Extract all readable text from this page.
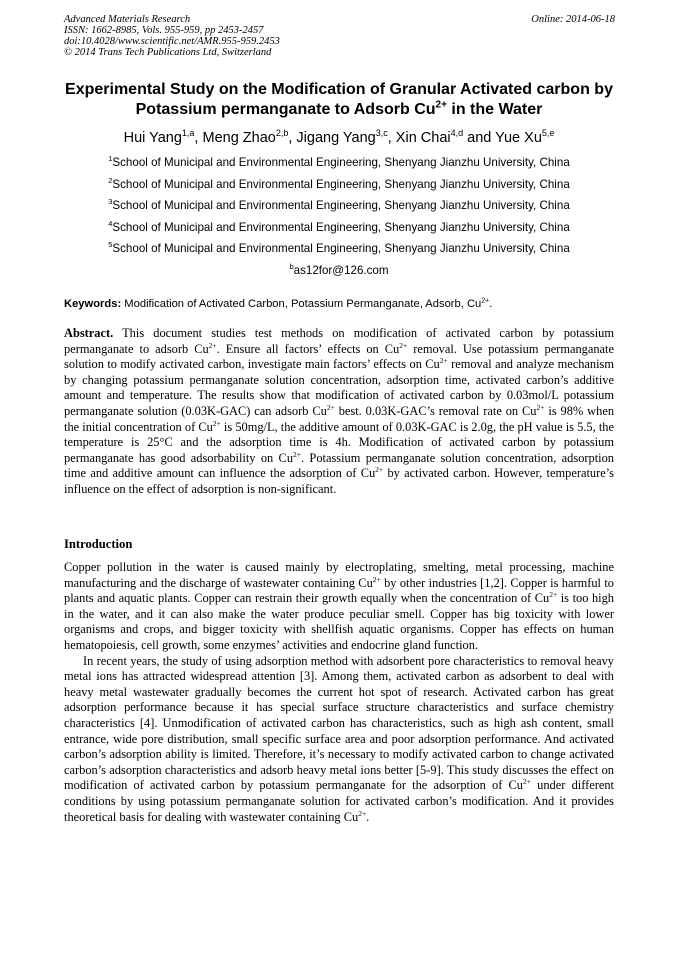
Advanced Materials Research
ISSN: 1662-8985, Vols. 955-959, pp 2453-2457
doi:10.4028/www.scientific.net/AMR.955-959.2453
© 2014 Trans Tech Publications Ltd, Switzerland
Online: 2014-06-18
Experimental Study on the Modification of Granular Activated carbon by
Potassium permanganate to Adsorb $Cu^{2+}$ in the Water
Hui Yang$^{1,a}$, Meng Zhao$^{2,b}$, Jigang Yang$^{3,c}$, Xin Chai$^{4,d}$ and Yue Xu$^{5,e}$
$^1$School of Municipal and Environmental Engineering, Shenyang Jianzhu University, China
$^2$School of Municipal and Environmental Engineering, Shenyang Jianzhu University, China
$^3$School of Municipal and Environmental Engineering, Shenyang Jianzhu University, China
$^4$School of Municipal and Environmental Engineering, Shenyang Jianzhu University, China
$^5$School of Municipal and Environmental Engineering, Shenyang Jianzhu University, China
$^b$as12for@126.com
Keywords: Modification of Activated Carbon, Potassium Permanganate, Adsorb, $Cu^{2+}$.
Abstract. This document studies test methods on modification of activated carbon by potassium permanganate to adsorb $Cu^{2+}$. Ensure all factors’ effects on $Cu^{2+}$ removal. Use potassium permanganate solution to modify activated carbon, investigate main factors’ effects on $Cu^{2+}$ removal and analyze mechanism by changing potassium permanganate solution concentration, adsorption time, activated carbon’s additive amount and temperature. The results show that modification of activated carbon by 0.03mol/L potassium permanganate solution (0.03K-GAC) can adsorb $Cu^{2+}$ best. 0.03K-GAC’s removal rate on $Cu^{2+}$ is 98% when the initial concentration of $Cu^{2+}$ is 50mg/L, the additive amount of 0.03K-GAC is 2.0g, the pH value is 5.5, the temperature is 25°C and the adsorption time is 4h. Modification of activated carbon by potassium permanganate has good adsorbability on $Cu^{2+}$. Potassium permanganate solution concentration, adsorption time and additive amount can influence the adsorption of $Cu^{2+}$ by activated carbon. However, temperature’s influence on the effect of adsorption is non-significant.
Introduction

Copper pollution in the water is caused mainly by electroplating, smelting, metal processing, machine manufacturing and the discharge of wastewater containing $Cu^{2+}$ by other industries [1,2]. Copper is harmful to plants and aquatic plants. Copper can restrain their growth equally when the concentration of $Cu^{2+}$ is too high in the water, and it can also make the water produce peculiar smell. Copper has big toxicity with lower organisms and crops, and bigger toxicity with shellfish aquatic organisms. Copper has effects on human hematopoiesis, cell growth, some enzymes’ activities and endocrine gland function.

In recent years, the study of using adsorption method with adsorbent pore characteristics to removal heavy metal ions has attracted widespread attention [3]. Among them, activated carbon as adsorbent to deal with heavy metal wastewater gradually becomes the current hot spot of research. Activated carbon has great adsorption performance because it has special surface structure characteristics and surface chemistry characteristics [4]. Unmodification of activated carbon has characteristics, such as high ash content, small entrance, wide pore distribution, small specific surface area and poor adsorption performance. And activated carbon’s adsorption ability is limited. Therefore, it’s necessary to modify activated carbon to change activated carbon’s adsorption characteristics and adsorb heavy metal ions better [5-9]. This study discusses the effect on modification of activated carbon by potassium permanganate for the adsorption of $Cu^{2+}$ under different conditions by using potassium permanganate solution for activated carbon’s modification. And it provides theoretical basis for dealing with wastewater containing $Cu^{2+}$.
